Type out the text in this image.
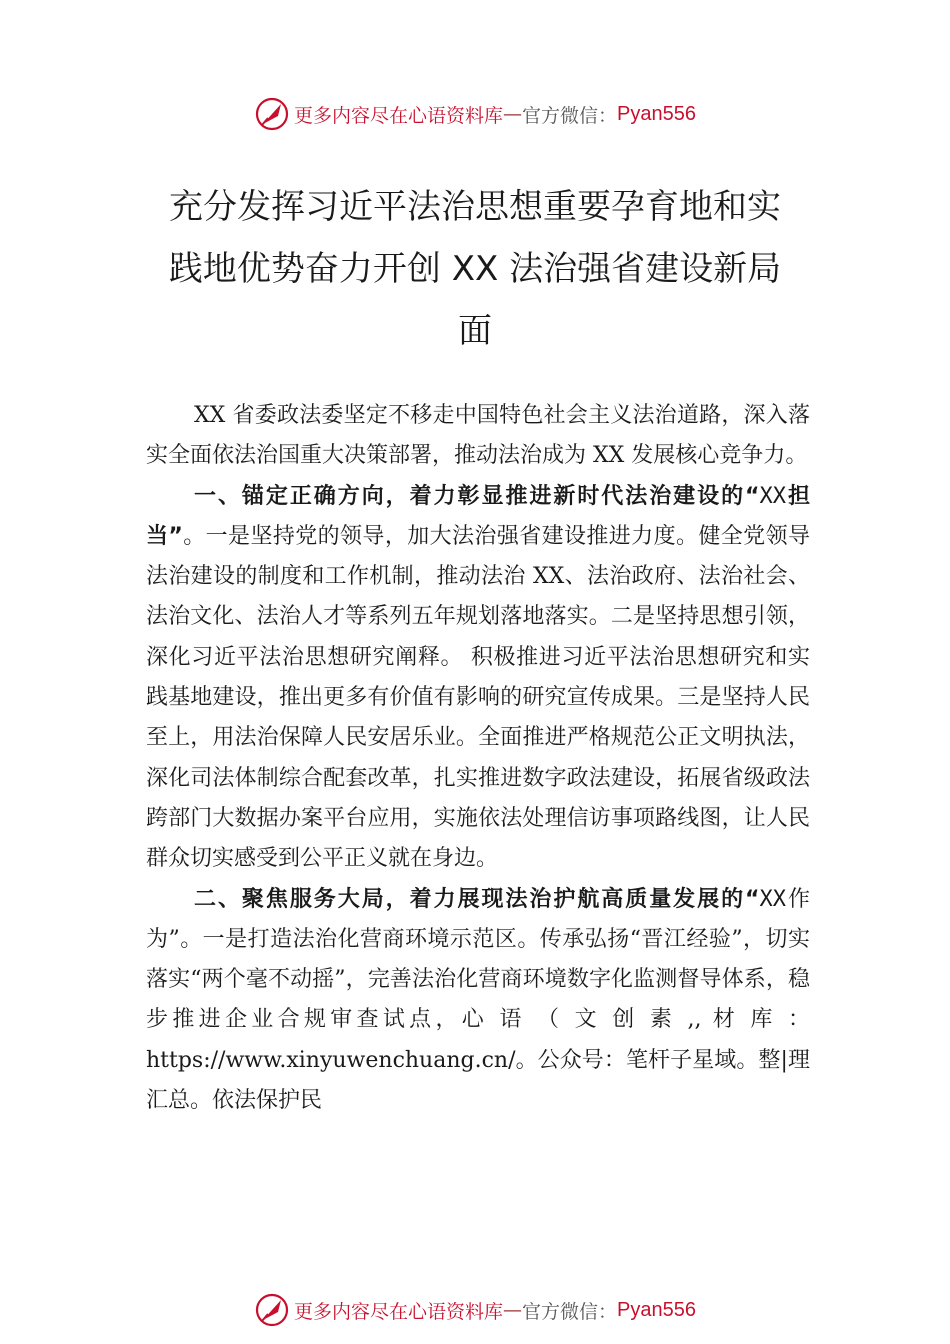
更多内容尽在心语资料库 — 官方微信： Pyan556
充分发挥习近平法治思想重要孕育地和实
践地优势奋力开创 XX 法治强省建设新局
面

XX 省委政法委坚定不移走中国特色社会主义法治道路，深入落实全面依法治国重大决策部署，推动法治成为 XX 发展核心竞争力。

一、锚定正确方向，着力彰显推进新时代法治建设的“XX担当”。一是坚持党的领导，加大法治强省建设推进力度。健全党领导法治建设的制度和工作机制，推动法治 XX、法治政府、法治社会、法治文化、法治人才等系列五年规划落地落实。二是坚持思想引领，深化习近平法治思想研究阐释。 积极推进习近平法治思想研究和实践基地建设，推出更多有价值有影响的研究宣传成果。三是坚持人民至上，用法治保障人民安居乐业。全面推进严格规范公正文明执法，深化司法体制综合配套改革，扎实推进数字政法建设，拓展省级政法跨部门大数据办案平台应用，实施依法处理信访事项路线图，让人民群众切实感受到公平正义就在身边。

二、聚焦服务大局，着力展现法治护航高质量发展的“XX作为”。一是打造法治化营商环境示范区。传承弘扬“晋江经验”，切实落实“两个毫不动摇”，完善法治化营商环境数字化监测督导体系，稳步推进企业合规审查试点，心 语 （ 文 创 素 ,, 材 库 ： https://www.xinyuwenchuang.cn/。公众号：笔杆子星域。整|理汇总。依法保护民

更多内容尽在心语资料库 — 官方微信： Pyan556
